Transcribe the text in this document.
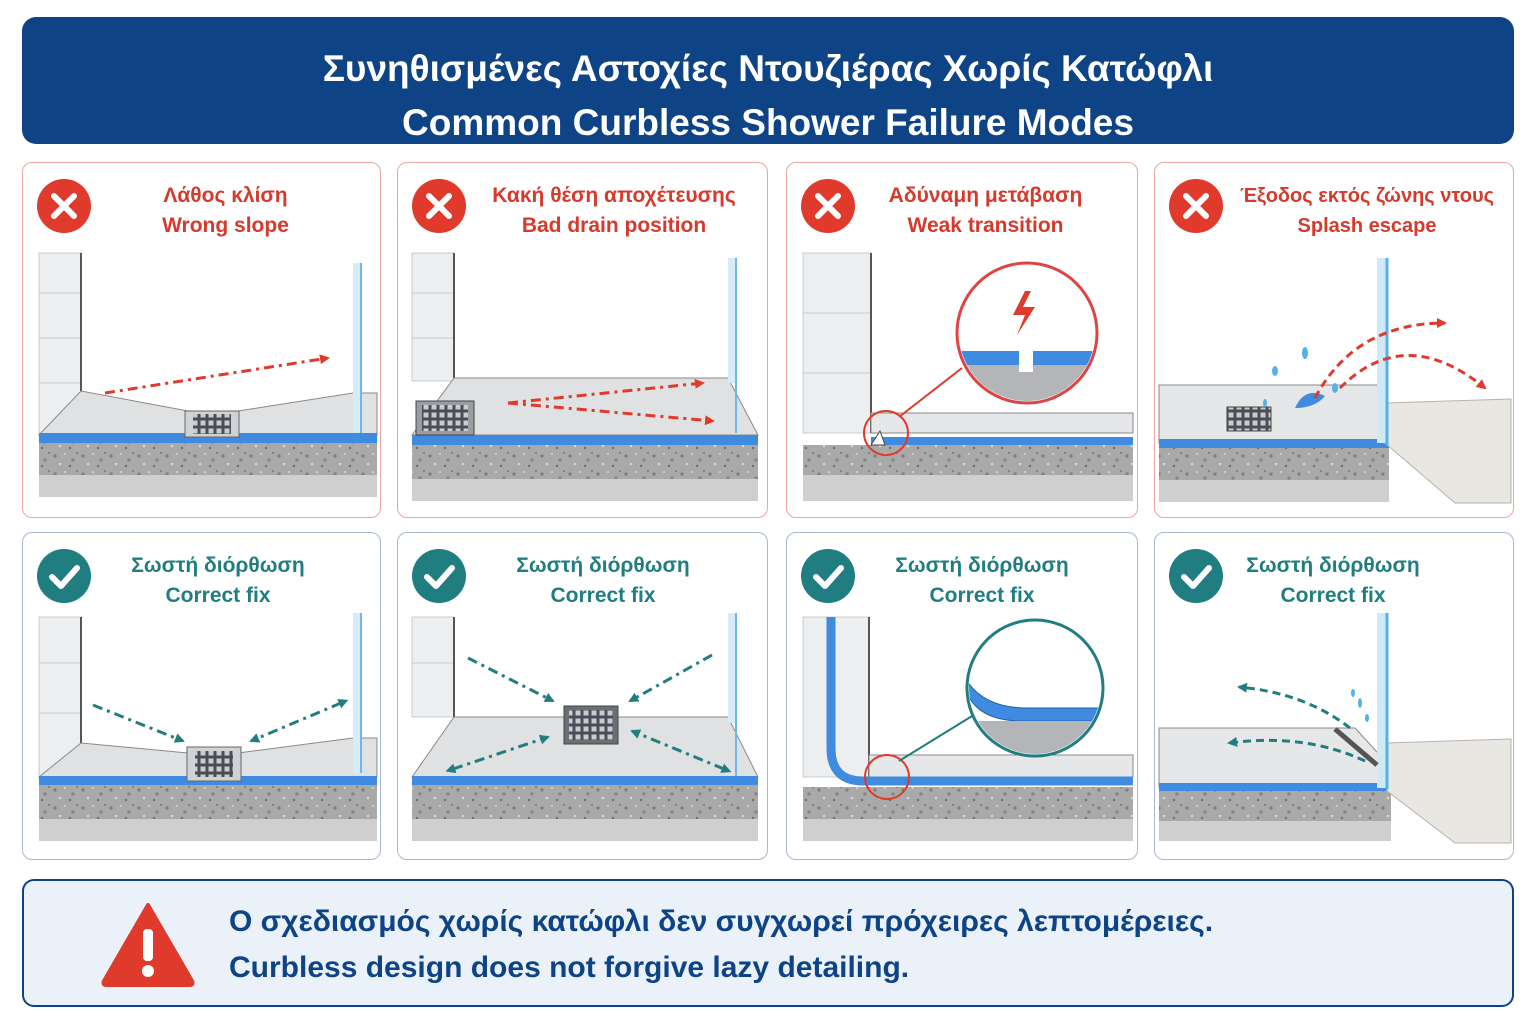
Συνηθισμένες Αστοχίες Ντουζιέρας Χωρίς Κατώφλι
Common Curbless Shower Failure Modes
Λάθος κλίση
Wrong slope
Κακή θέση αποχέτευσης
Bad drain position
Αδύναμη μετάβαση
Weak transition
Έξοδος εκτός ζώνης ντους
Splash escape
Σωστή διόρθωση
Correct fix
Σωστή διόρθωση
Correct fix
Σωστή διόρθωση
Correct fix
Σωστή διόρθωση
Correct fix
Ο σχεδιασμός χωρίς κατώφλι δεν συγχωρεί πρόχειρες λεπτομέρειες.
Curbless design does not forgive lazy detailing.
